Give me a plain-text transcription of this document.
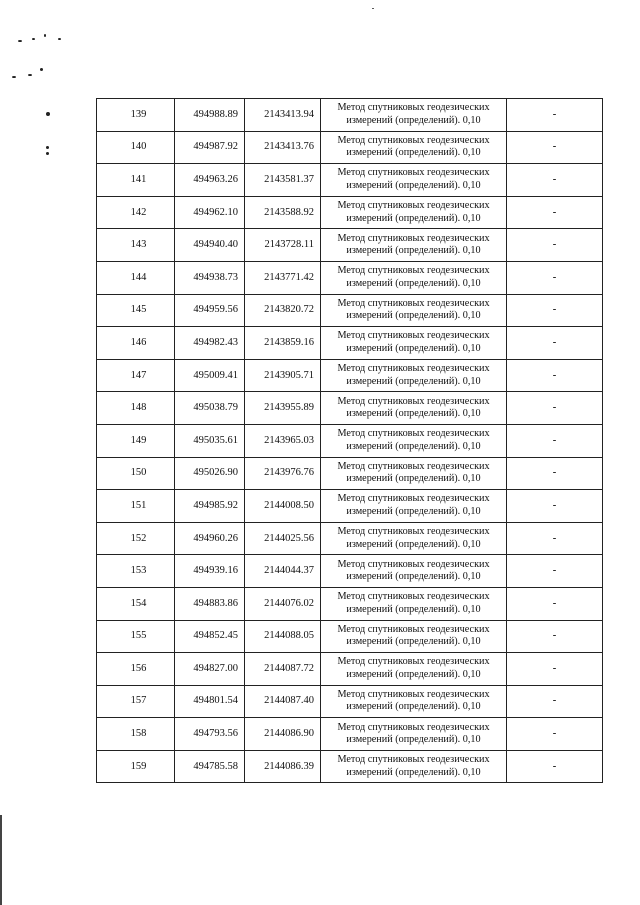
139	494988.89	2143413.94	Метод спутниковых геодезических
измерений (определений). 0,10	-
140	494987.92	2143413.76	Метод спутниковых геодезических
измерений (определений). 0,10	-
141	494963.26	2143581.37	Метод спутниковых геодезических
измерений (определений). 0,10	-
142	494962.10	2143588.92	Метод спутниковых геодезических
измерений (определений). 0,10	-
143	494940.40	2143728.11	Метод спутниковых геодезических
измерений (определений). 0,10	-
144	494938.73	2143771.42	Метод спутниковых геодезических
измерений (определений). 0,10	-
145	494959.56	2143820.72	Метод спутниковых геодезических
измерений (определений). 0,10	-
146	494982.43	2143859.16	Метод спутниковых геодезических
измерений (определений). 0,10	-
147	495009.41	2143905.71	Метод спутниковых геодезических
измерений (определений). 0,10	-
148	495038.79	2143955.89	Метод спутниковых геодезических
измерений (определений). 0,10	-
149	495035.61	2143965.03	Метод спутниковых геодезических
измерений (определений). 0,10	-
150	495026.90	2143976.76	Метод спутниковых геодезических
измерений (определений). 0,10	-
151	494985.92	2144008.50	Метод спутниковых геодезических
измерений (определений). 0,10	-
152	494960.26	2144025.56	Метод спутниковых геодезических
измерений (определений). 0,10	-
153	494939.16	2144044.37	Метод спутниковых геодезических
измерений (определений). 0,10	-
154	494883.86	2144076.02	Метод спутниковых геодезических
измерений (определений). 0,10	-
155	494852.45	2144088.05	Метод спутниковых геодезических
измерений (определений). 0,10	-
156	494827.00	2144087.72	Метод спутниковых геодезических
измерений (определений). 0,10	-
157	494801.54	2144087.40	Метод спутниковых геодезических
измерений (определений). 0,10	-
158	494793.56	2144086.90	Метод спутниковых геодезических
измерений (определений). 0,10	-
159	494785.58	2144086.39	Метод спутниковых геодезических
измерений (определений). 0,10	-
